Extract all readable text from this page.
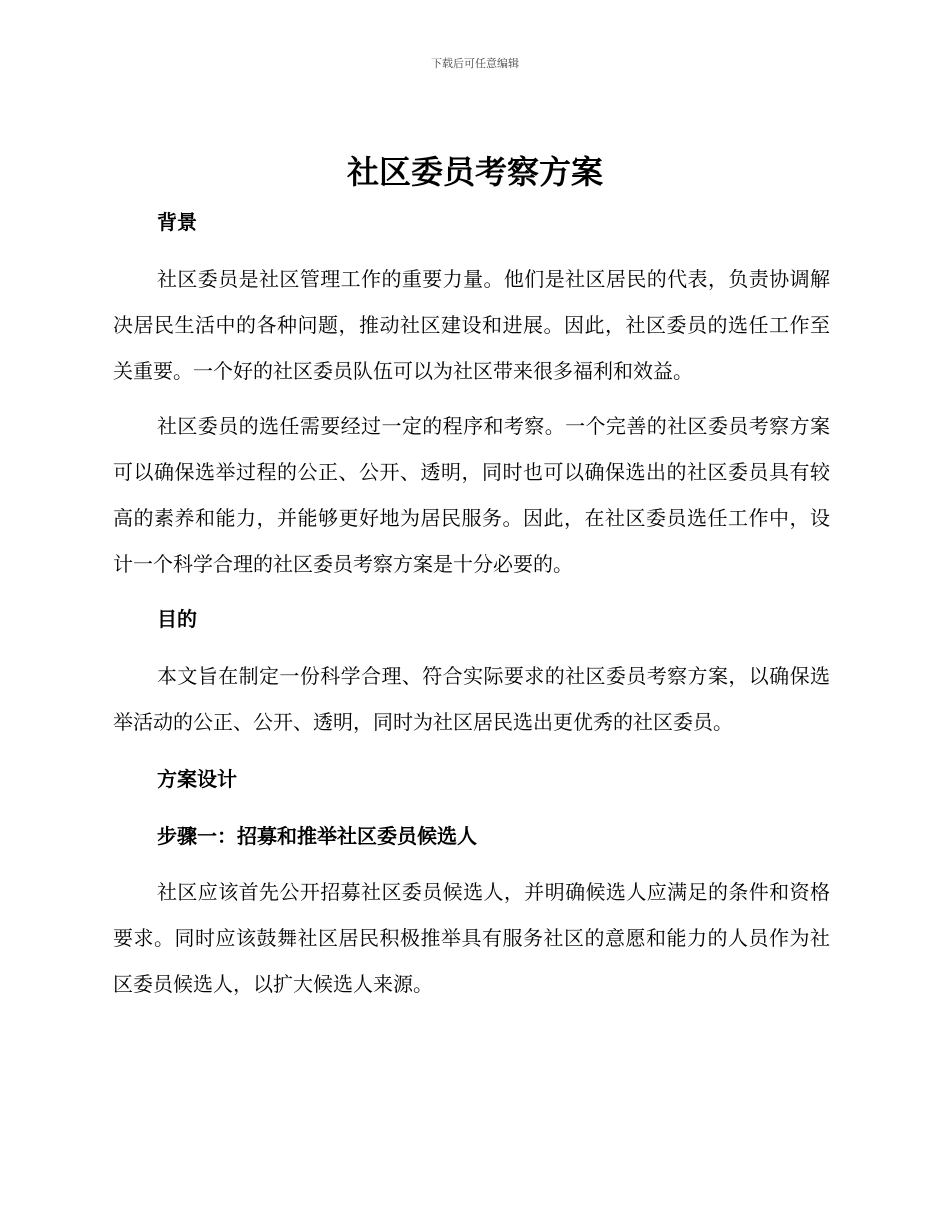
下载后可任意编辑
社区委员考察方案
背景

社区委员是社区管理工作的重要力量。他们是社区居民的代表，负责协调解决居民生活中的各种问题，推动社区建设和进展。因此，社区委员的选任工作至关重要。一个好的社区委员队伍可以为社区带来很多福利和效益。

社区委员的选任需要经过一定的程序和考察。一个完善的社区委员考察方案可以确保选举过程的公正、公开、透明，同时也可以确保选出的社区委员具有较高的素养和能力，并能够更好地为居民服务。因此，在社区委员选任工作中，设计一个科学合理的社区委员考察方案是十分必要的。

目的

本文旨在制定一份科学合理、符合实际要求的社区委员考察方案，以确保选举活动的公正、公开、透明，同时为社区居民选出更优秀的社区委员。

方案设计
步骤一：招募和推举社区委员候选人

社区应该首先公开招募社区委员候选人，并明确候选人应满足的条件和资格要求。同时应该鼓舞社区居民积极推举具有服务社区的意愿和能力的人员作为社区委员候选人，以扩大候选人来源。
